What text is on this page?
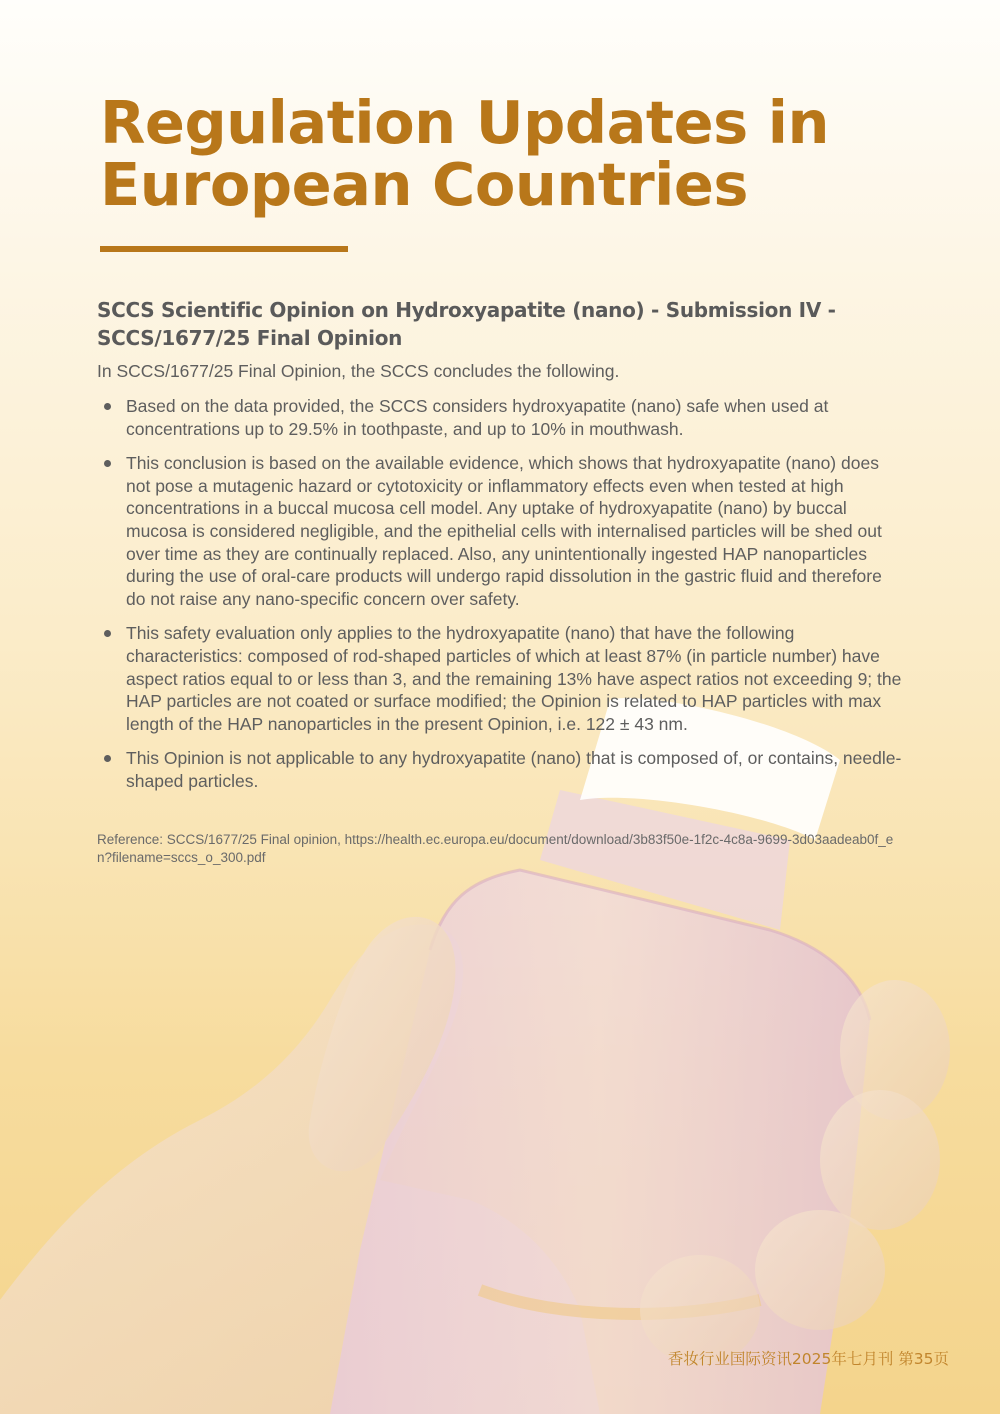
Regulation Updates in European Countries
SCCS Scientific Opinion on Hydroxyapatite (nano) - Submission IV - SCCS/1677/25 Final Opinion

In SCCS/1677/25 Final Opinion, the SCCS concludes the following.

Based on the data provided, the SCCS considers hydroxyapatite (nano) safe when used at concentrations up to 29.5% in toothpaste, and up to 10% in mouthwash.
This conclusion is based on the available evidence, which shows that hydroxyapatite (nano) does not pose a mutagenic hazard or cytotoxicity or inflammatory effects even when tested at high concentrations in a buccal mucosa cell model. Any uptake of hydroxyapatite (nano) by buccal mucosa is considered negligible, and the epithelial cells with internalised particles will be shed out over time as they are continually replaced. Also, any unintentionally ingested HAP nanoparticles during the use of oral-care products will undergo rapid dissolution in the gastric fluid and therefore do not raise any nano-specific concern over safety.
This safety evaluation only applies to the hydroxyapatite (nano) that have the following characteristics: composed of rod-shaped particles of which at least 87% (in particle number) have aspect ratios equal to or less than 3, and the remaining 13% have aspect ratios not exceeding 9; the HAP particles are not coated or surface modified; the Opinion is related to HAP particles with max length of the HAP nanoparticles in the present Opinion, i.e. 122 ± 43 nm.
This Opinion is not applicable to any hydroxyapatite (nano) that is composed of, or contains, needle-shaped particles.

Reference: SCCS/1677/25 Final opinion, https://health.ec.europa.eu/document/download/3b83f50e-1f2c-4c8a-9699-3d03aadeab0f_en?filename=sccs_o_300.pdf

香妆行业国际资讯2025年七月刊 第35页
